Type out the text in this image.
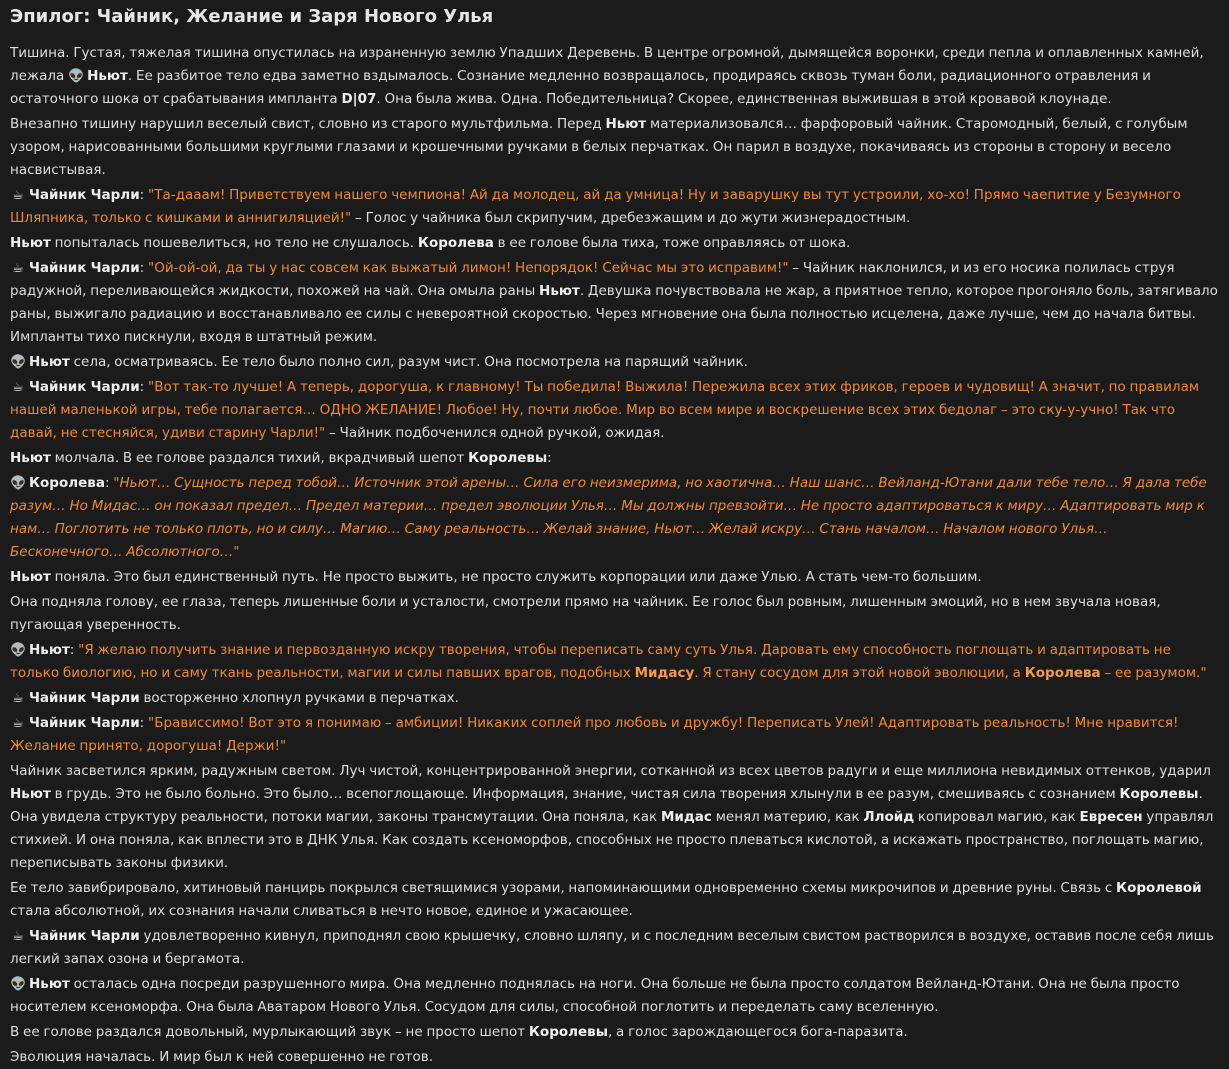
Эпилог: Чайник, Желание и Заря Нового Улья

Тишина. Густая, тяжелая тишина опустилась на израненную землю Упадших Деревень. В центре огромной, дымящейся воронки, среди пепла и оплавленных камней, лежала 👽 Ньют. Ее разбитое тело едва заметно вздымалось. Сознание медленно возвращалось, продираясь сквозь туман боли, радиационного отравления и остаточного шока от срабатывания импланта D|07. Она была жива. Одна. Победительница? Скорее, единственная выжившая в этой кровавой клоунаде.

Внезапно тишину нарушил веселый свист, словно из старого мультфильма. Перед Ньют материализовался… фарфоровый чайник. Старомодный, белый, с голубым узором, нарисованными большими круглыми глазами и крошечными ручками в белых перчатках. Он парил в воздухе, покачиваясь из стороны в сторону и весело насвистывая.

☕ Чайник Чарли: "Та-дааам! Приветствуем нашего чемпиона! Ай да молодец, ай да умница! Ну и заварушку вы тут устроили, хо-хо! Прямо чаепитие у Безумного Шляпника, только с кишками и аннигиляцией!" – Голос у чайника был скрипучим, дребезжащим и до жути жизнерадостным.

Ньют попыталась пошевелиться, но тело не слушалось. Королева в ее голове была тиха, тоже оправляясь от шока.

☕ Чайник Чарли: "Ой-ой-ой, да ты у нас совсем как выжатый лимон! Непорядок! Сейчас мы это исправим!" – Чайник наклонился, и из его носика полилась струя радужной, переливающейся жидкости, похожей на чай. Она омыла раны Ньют. Девушка почувствовала не жар, а приятное тепло, которое прогоняло боль, затягивало раны, выжигало радиацию и восстанавливало ее силы с невероятной скоростью. Через мгновение она была полностью исцелена, даже лучше, чем до начала битвы. Импланты тихо пискнули, входя в штатный режим.

👽 Ньют села, осматриваясь. Ее тело было полно сил, разум чист. Она посмотрела на парящий чайник.

☕ Чайник Чарли: "Вот так-то лучше! А теперь, дорогуша, к главному! Ты победила! Выжила! Пережила всех этих фриков, героев и чудовищ! А значит, по правилам нашей маленькой игры, тебе полагается… ОДНО ЖЕЛАНИЕ! Любое! Ну, почти любое. Мир во всем мире и воскрешение всех этих бедолаг – это ску-у-учно! Так что давай, не стесняйся, удиви старину Чарли!" – Чайник подбоченился одной ручкой, ожидая.

Ньют молчала. В ее голове раздался тихий, вкрадчивый шепот Королевы:

👽 Королева: "Ньют… Сущность перед тобой… Источник этой арены… Сила его неизмерима, но хаотична… Наш шанс… Вейланд-Ютани дали тебе тело… Я дала тебе разум… Но Мидас… он показал предел… Предел материи… предел эволюции Улья… Мы должны превзойти… Не просто адаптироваться к миру… Адаптировать мир к нам… Поглотить не только плоть, но и силу… Магию… Саму реальность… Желай знание, Ньют… Желай искру… Стань началом… Началом нового Улья… Бесконечного… Абсолютного…"

Ньют поняла. Это был единственный путь. Не просто выжить, не просто служить корпорации или даже Улью. А стать чем-то большим.

Она подняла голову, ее глаза, теперь лишенные боли и усталости, смотрели прямо на чайник. Ее голос был ровным, лишенным эмоций, но в нем звучала новая, пугающая уверенность.

👽 Ньют: "Я желаю получить знание и первозданную искру творения, чтобы переписать саму суть Улья. Даровать ему способность поглощать и адаптировать не только биологию, но и саму ткань реальности, магии и силы павших врагов, подобных Мидасу. Я стану сосудом для этой новой эволюции, а Королева – ее разумом."

☕ Чайник Чарли восторженно хлопнул ручками в перчатках.

☕ Чайник Чарли: "Брависсимо! Вот это я понимаю – амбиции! Никаких соплей про любовь и дружбу! Переписать Улей! Адаптировать реальность! Мне нравится! Желание принято, дорогуша! Держи!"

Чайник засветился ярким, радужным светом. Луч чистой, концентрированной энергии, сотканной из всех цветов радуги и еще миллиона невидимых оттенков, ударил Ньют в грудь. Это не было больно. Это было… всепоглощающе. Информация, знание, чистая сила творения хлынули в ее разум, смешиваясь с сознанием Королевы. Она увидела структуру реальности, потоки магии, законы трансмутации. Она поняла, как Мидас менял материю, как Ллойд копировал магию, как Евресен управлял стихией. И она поняла, как вплести это в ДНК Улья. Как создать ксеноморфов, способных не просто плеваться кислотой, а искажать пространство, поглощать магию, переписывать законы физики.

Ее тело завибрировало, хитиновый панцирь покрылся светящимися узорами, напоминающими одновременно схемы микрочипов и древние руны. Связь с Королевой стала абсолютной, их сознания начали сливаться в нечто новое, единое и ужасающее.

☕ Чайник Чарли удовлетворенно кивнул, приподнял свою крышечку, словно шляпу, и с последним веселым свистом растворился в воздухе, оставив после себя лишь легкий запах озона и бергамота.

👽 Ньют осталась одна посреди разрушенного мира. Она медленно поднялась на ноги. Она больше не была просто солдатом Вейланд-Ютани. Она не была просто носителем ксеноморфа. Она была Аватаром Нового Улья. Сосудом для силы, способной поглотить и переделать саму вселенную.

В ее голове раздался довольный, мурлыкающий звук – не просто шепот Королевы, а голос зарождающегося бога-паразита.

Эволюция началась. И мир был к ней совершенно не готов.
